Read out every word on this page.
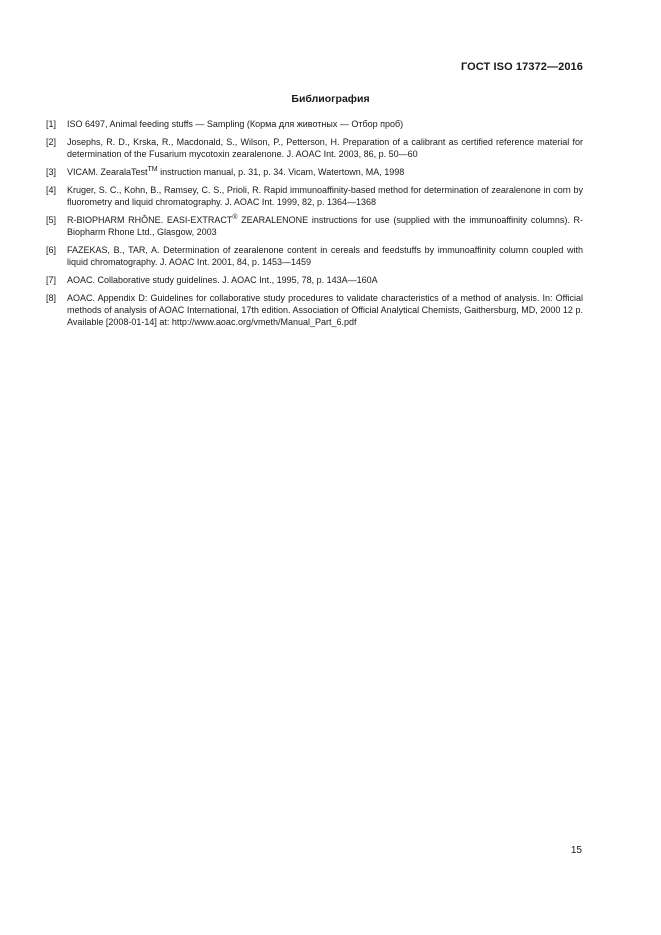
ГОСТ ISO 17372—2016
Библиография
[1]	ISO 6497, Animal feeding stuffs — Sampling (Корма для животных — Отбор проб)
[2]	Josephs, R. D., Krska, R., Macdonald, S., Wilson, P., Petterson, H. Preparation of a calibrant as certified reference material for determination of the Fusarium mycotoxin zearalenone. J. AOAC Int. 2003, 86, p. 50—60
[3]	VICAM. ZearalaTest™ instruction manual, p. 31, p. 34. Vicam, Watertown, MA, 1998
[4]	Kruger, S. C., Kohn, B., Ramsey, C. S., Prioli, R. Rapid immunoaffinity-based method for determination of zearalenone in corn by fluorometry and liquid chromatography. J. AOAC Int. 1999, 82, p. 1364—1368
[5]	R-BIOPHARM RHÔNE. EASI-EXTRACT® ZEARALENONE instructions for use (supplied with the immunoaffinity columns). R-Biopharm Rhone Ltd., Glasgow, 2003
[6]	FAZEKAS, B., TAR, A. Determination of zearalenone content in cereals and feedstuffs by immunoaffinity column coupled with liquid chromatography. J. AOAC Int. 2001, 84, p. 1453—1459
[7]	AOAC. Collaborative study guidelines. J. AOAC Int., 1995, 78, p. 143A—160A
[8]	AOAC. Appendix D: Guidelines for collaborative study procedures to validate characteristics of a method of analysis. In: Official methods of analysis of AOAC International, 17th edition. Association of Official Analytical Chemists, Gaithersburg, MD, 2000 12 p. Available [2008-01-14] at: http://www.aoac.org/vmeth/Manual_Part_6.pdf
15
